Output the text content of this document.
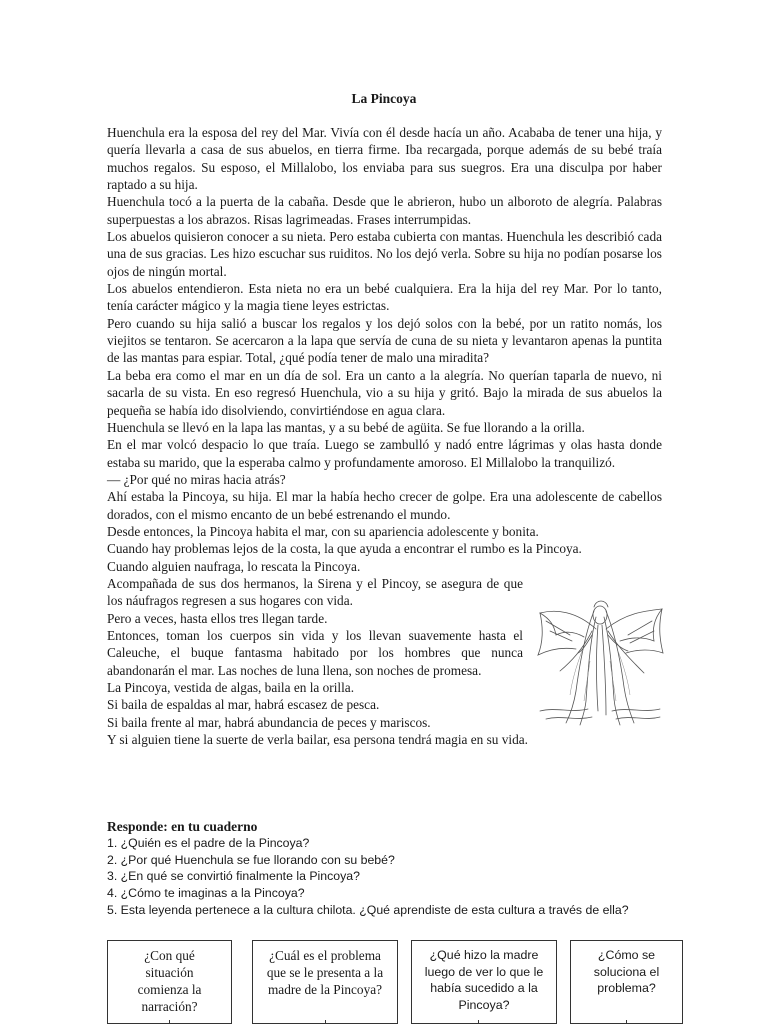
La Pincoya

Huenchula era la esposa del rey del Mar. Vivía con él desde hacía un año. Acababa de tener una hija, y quería llevarla a casa de sus abuelos, en tierra firme. Iba recargada, porque además de su bebé traía muchos regalos. Su esposo, el Millalobo, los enviaba para sus suegros. Era una disculpa por haber raptado a su hija.

Huenchula tocó a la puerta de la cabaña. Desde que le abrieron, hubo un alboroto de alegría. Palabras superpuestas a los abrazos. Risas lagrimeadas. Frases interrumpidas.

Los abuelos quisieron conocer a su nieta. Pero estaba cubierta con mantas. Huenchula les describió cada una de sus gracias. Les hizo escuchar sus ruiditos. No los dejó verla. Sobre su hija no podían posarse los ojos de ningún mortal.

Los abuelos entendieron. Esta nieta no era un bebé cualquiera. Era la hija del rey Mar. Por lo tanto, tenía carácter mágico y la magia tiene leyes estrictas.

Pero cuando su hija salió a buscar los regalos y los dejó solos con la bebé, por un ratito nomás, los viejitos se tentaron. Se acercaron a la lapa que servía de cuna de su nieta y levantaron apenas la puntita de las mantas para espiar. Total, ¿qué podía tener de malo una miradita?

La beba era como el mar en un día de sol. Era un canto a la alegría. No querían taparla de nuevo, ni sacarla de su vista. En eso regresó Huenchula, vio a su hija y gritó. Bajo la mirada de sus abuelos la pequeña se había ido disolviendo, convirtiéndose en agua clara.

Huenchula se llevó en la lapa las mantas, y a su bebé de agüita. Se fue llorando a la orilla.

En el mar volcó despacio lo que traía. Luego se zambulló y nadó entre lágrimas y olas hasta donde estaba su marido, que la esperaba calmo y profundamente amoroso. El Millalobo la tranquilizó.

— ¿Por qué no miras hacia atrás?

Ahí estaba la Pincoya, su hija. El mar la había hecho crecer de golpe. Era una adolescente de cabellos dorados, con el mismo encanto de un bebé estrenando el mundo.

Desde entonces, la Pincoya habita el mar, con su apariencia adolescente y bonita.

Cuando hay problemas lejos de la costa, la que ayuda a encontrar el rumbo es la Pincoya.

Cuando alguien naufraga, lo rescata la Pincoya.

Acompañada de sus dos hermanos, la Sirena y el Pincoy, se asegura de que los náufragos regresen a sus hogares con vida.

Pero a veces, hasta ellos tres llegan tarde.

Entonces, toman los cuerpos sin vida y los llevan suavemente hasta el Caleuche, el buque fantasma habitado por los hombres que nunca abandonarán el mar. Las noches de luna llena, son noches de promesa.

La Pincoya, vestida de algas, baila en la orilla.

Si baila de espaldas al mar, habrá escasez de pesca.

Si baila frente al mar, habrá abundancia de peces y mariscos.

Y si alguien tiene la suerte de verla bailar, esa persona tendrá magia en su vida.

Responde: en tu cuaderno

1. ¿Quién es el padre de la Pincoya?

2. ¿Por qué Huenchula se fue llorando con su bebé?

3. ¿En qué se convirtió finalmente la Pincoya?

4. ¿Cómo te imaginas a la Pincoya?

5. Esta leyenda pertenece a la cultura chilota. ¿Qué aprendiste de esta cultura a través de ella?

¿Con qué situación comienza la narración?
¿Cuál es el problema que se le presenta a la madre de la Pincoya?
¿Qué hizo la madre luego de ver lo que le había sucedido a la Pincoya?
¿Cómo se soluciona el problema?
